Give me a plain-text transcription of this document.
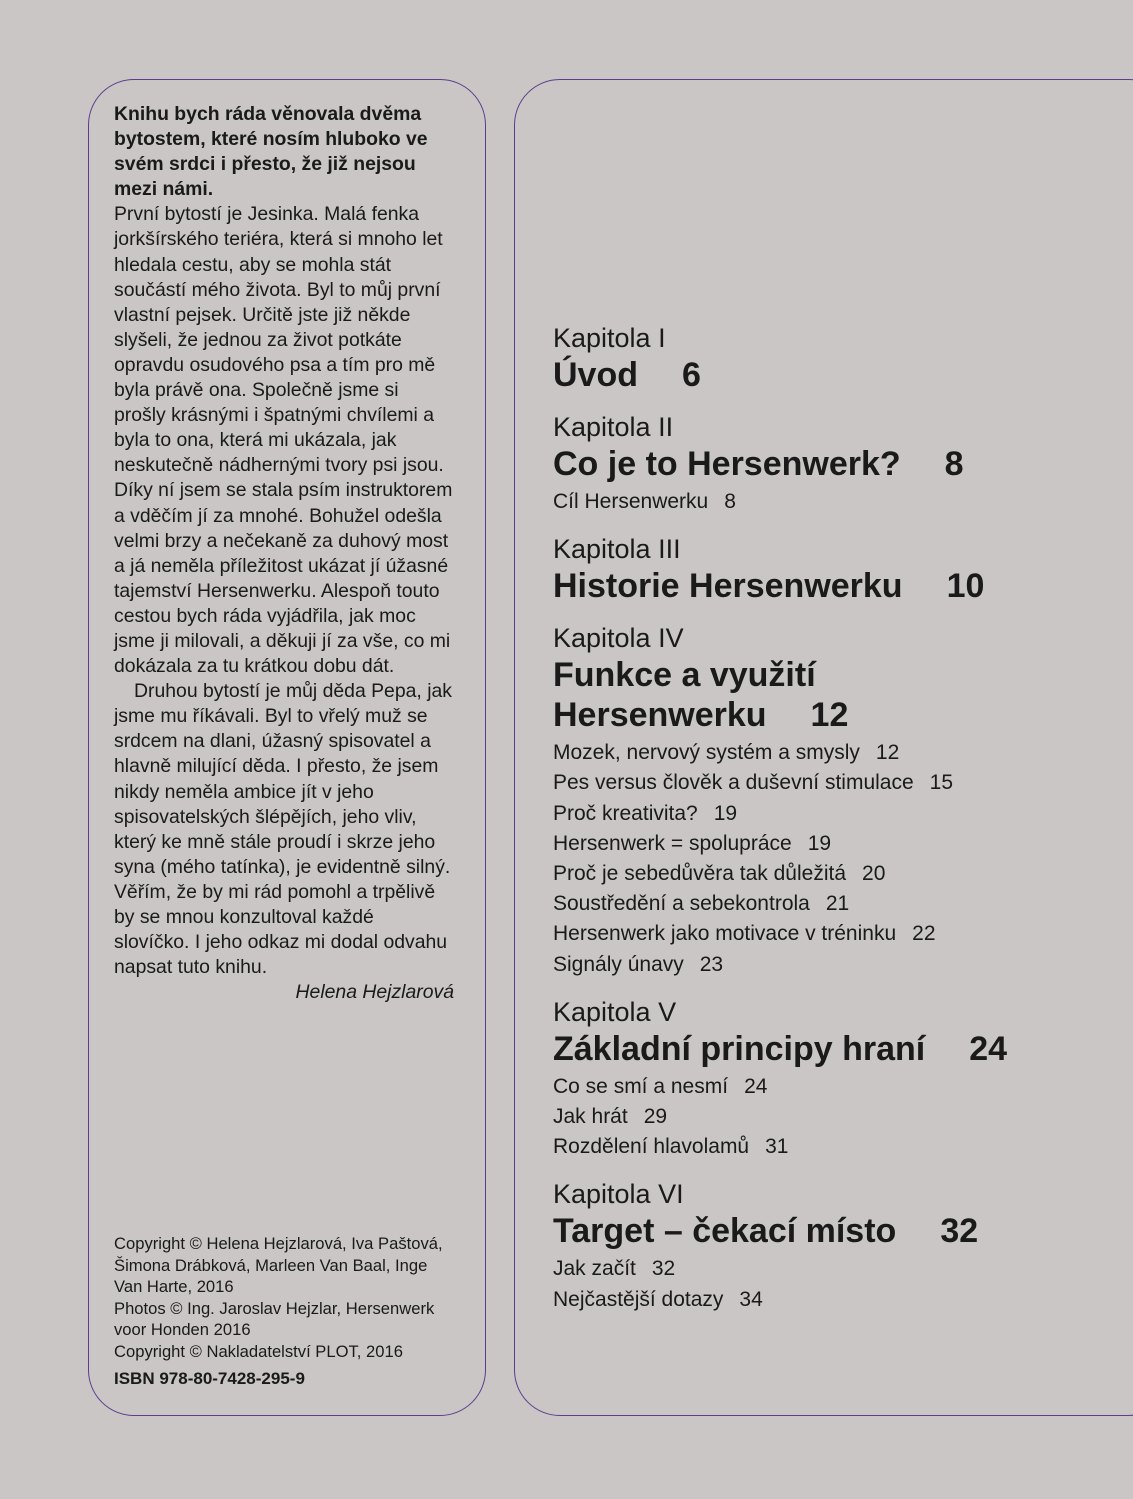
Knihu bych ráda věnovala dvěma bytostem, které nosím hluboko ve svém srdci i přesto, že již nejsou mezi námi.

První bytostí je Jesinka. Malá fenka jorkšírského teriéra, která si mnoho let hledala cestu, aby se mohla stát součástí mého života. Byl to můj první vlastní pejsek. Určitě jste již někde slyšeli, že jednou za život potkáte opravdu osudového psa a tím pro mě byla právě ona. Společně jsme si prošly krásnými i špatnými chvílemi a byla to ona, která mi ukázala, jak neskutečně nádhernými tvory psi jsou. Díky ní jsem se stala psím instruktorem a vděčím jí za mnohé. Bohužel odešla velmi brzy a nečekaně za duhový most a já neměla příležitost ukázat jí úžasné tajemství Hersenwerku. Alespoň touto cestou bych ráda vyjádřila, jak moc jsme ji milovali, a děkuji jí za vše, co mi dokázala za tu krátkou dobu dát.

Druhou bytostí je můj děda Pepa, jak jsme mu říkávali. Byl to vřelý muž se srdcem na dlani, úžasný spisovatel a hlavně milující děda. I přesto, že jsem nikdy neměla ambice jít v jeho spisovatelských šlépějích, jeho vliv, který ke mně stále proudí i skrze jeho syna (mého tatínka), je evidentně silný. Věřím, že by mi rád pomohl a trpělivě by se mnou konzultoval každé slovíčko. I jeho odkaz mi dodal odvahu napsat tuto knihu.

Helena Hejzlarová

Copyright © Helena Hejzlarová, Iva Paštová, Šimona Drábková, Marleen Van Baal, Inge Van Harte, 2016

Photos © Ing. Jaroslav Hejzlar, Hersenwerk voor Honden 2016

Copyright © Nakladatelství PLOT, 2016

ISBN 978-80-7428-295-9

Kapitola I
Úvod 6
Kapitola II
Co je to Hersenwerk? 8
Cíl Hersenwerku 8
Kapitola III
Historie Hersenwerku 10
Kapitola IV
Funkce a využití
Hersenwerku 12
Mozek, nervový systém a smysly 12
Pes versus člověk a duševní stimulace 15
Proč kreativita? 19
Hersenwerk = spolupráce 19
Proč je sebedůvěra tak důležitá 20
Soustředění a sebekontrola 21
Hersenwerk jako motivace v tréninku 22
Signály únavy 23
Kapitola V
Základní principy hraní 24
Co se smí a nesmí 24
Jak hrát 29
Rozdělení hlavolamů 31
Kapitola VI
Target – čekací místo 32
Jak začít 32
Nejčastější dotazy 34
